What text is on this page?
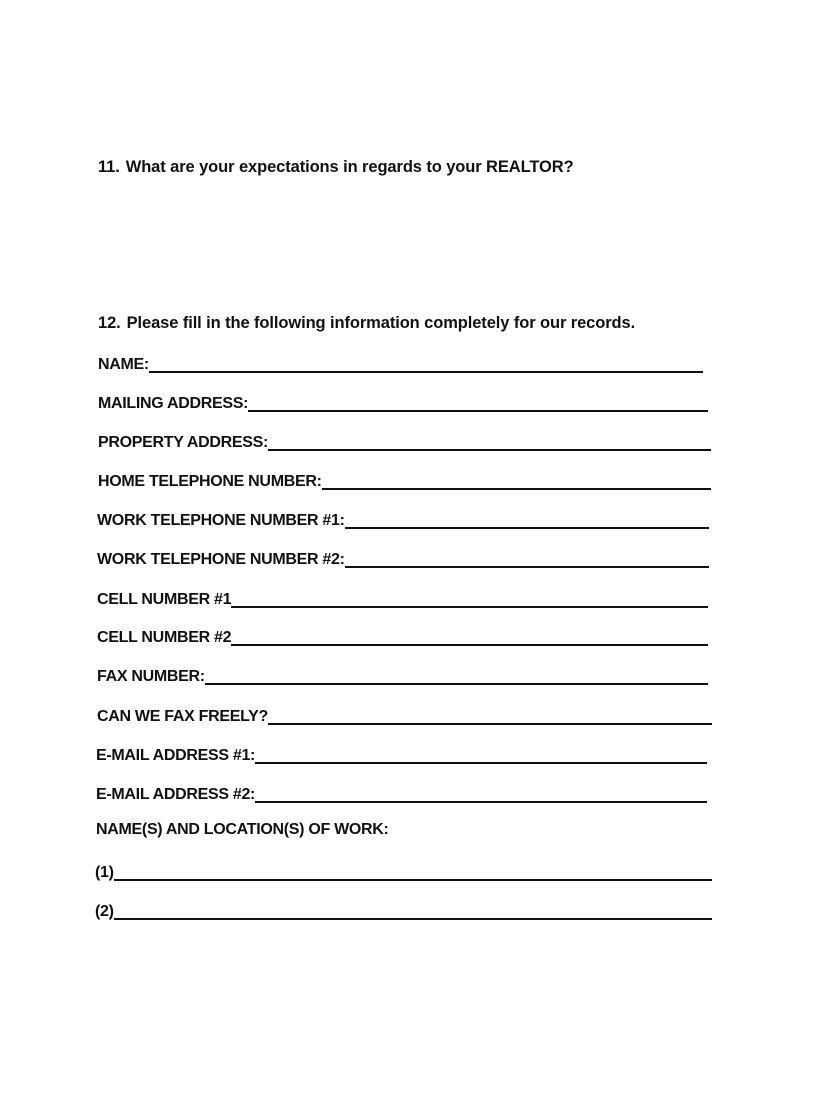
11. What are your expectations in regards to your REALTOR?
12. Please fill in the following information completely for our records.
NAME:
MAILING ADDRESS:
PROPERTY ADDRESS:
HOME TELEPHONE NUMBER:
WORK TELEPHONE NUMBER #1:
WORK TELEPHONE NUMBER #2:
CELL NUMBER #1
CELL NUMBER #2
FAX NUMBER:
CAN WE FAX FREELY?
E-MAIL ADDRESS #1:
E-MAIL ADDRESS #2:
NAME(S) AND LOCATION(S) OF WORK:
(1)
(2)
